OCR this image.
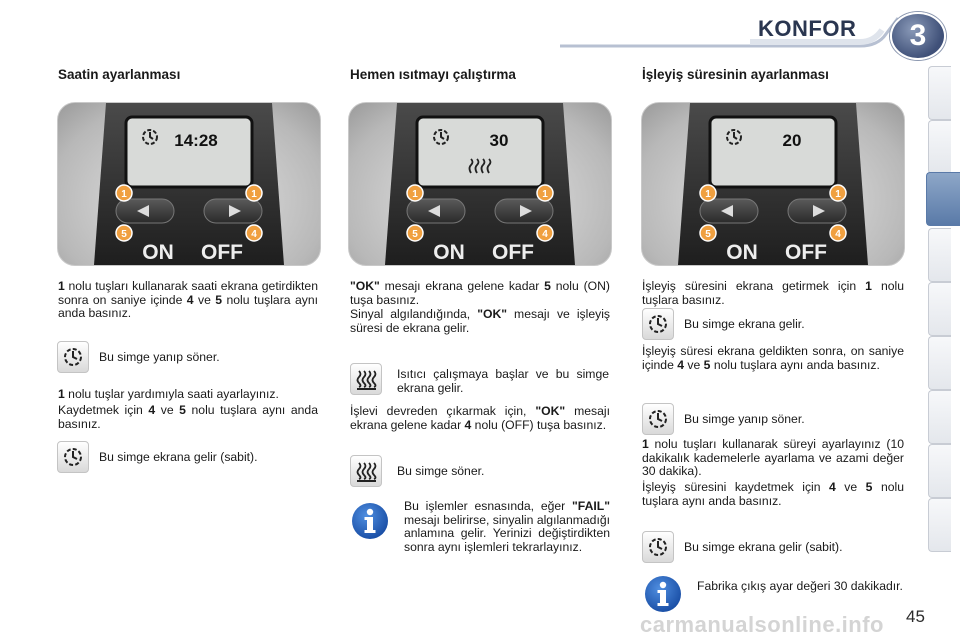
KONFOR	3
Saatin ayarlanması	Hemen ısıtmayı çalıştırma	İşleyiş süresinin ayarlanması
14:28
ON OFF
1	1
5	4
30
ON OFF
1	1
5	4
20
ON OFF
1	1
5	4

1 nolu tuşları kullanarak saati ekrana getirdikten sonra on saniye içinde 4 ve 5 nolu tuşlara aynı anda basınız.

Bu simge yanıp söner.

1 nolu tuşlar yardımıyla saati ayarlayınız.

Kaydetmek için 4 ve 5 nolu tuşlara aynı anda basınız.

Bu simge ekrana gelir (sabit).

"OK" mesajı ekrana gelene kadar 5 nolu (ON) tuşa basınız.

Sinyal algılandığında, "OK" mesajı ve işleyiş süresi de ekrana gelir.

Isıtıcı çalışmaya başlar ve bu simge ekrana gelir.

İşlevi devreden çıkarmak için, "OK" mesajı ekrana gelene kadar 4 nolu (OFF) tuşa basınız.

Bu simge söner.

Bu işlemler esnasında, eğer "FAIL" mesajı belirirse, sinyalin algılanmadığı anlamına gelir. Yerinizi değiştirdikten sonra aynı işlemleri tekrarlayınız.

İşleyiş süresini ekrana getirmek için 1 nolu tuşlara basınız.

Bu simge ekrana gelir.

İşleyiş süresi ekrana geldikten sonra, on saniye içinde 4 ve 5 nolu tuşlara aynı anda basınız.

Bu simge yanıp söner.

1 nolu tuşları kullanarak süreyi ayarlayınız (10 dakikalık kademelerle ayarlama ve azami değer 30 dakika).

İşleyiş süresini kaydetmek için 4 ve 5 nolu tuşlara aynı anda basınız.

Bu simge ekrana gelir (sabit).

Fabrika çıkış ayar değeri 30 dakikadır.

carmanualsonline.info 45
